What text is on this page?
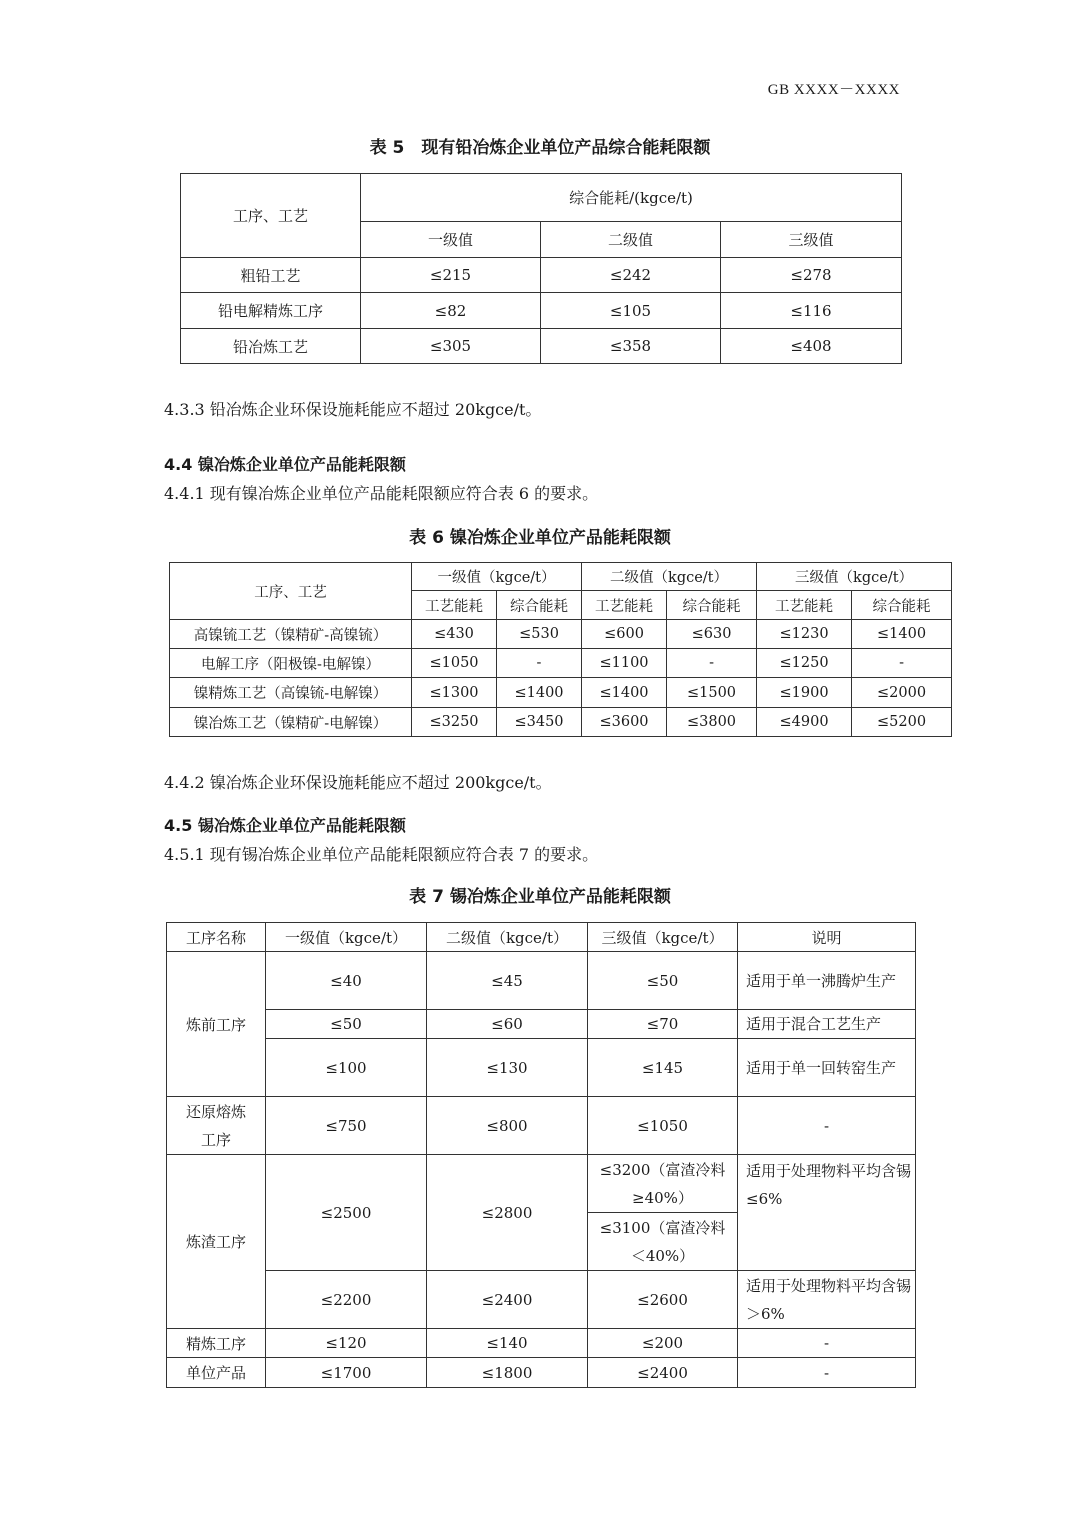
GB XXXX－XXXX
表 5　现有铅冶炼企业单位产品综合能耗限额
工序、工艺	综合能耗/(kgce/t)		
	一级值	二级值	三级值
粗铅工艺	≤215	≤242	≤278
铅电解精炼工序	≤82	≤105	≤116
铅冶炼工艺	≤305	≤358	≤408
4.3.3 铅冶炼企业环保设施耗能应不超过 20kgce/t。
4.4 镍冶炼企业单位产品能耗限额
4.4.1 现有镍冶炼企业单位产品能耗限额应符合表 6 的要求。
表 6 镍冶炼企业单位产品能耗限额
工序、工艺	一级值（kgce/t）		二级值（kgce/t）		三级值（kgce/t）	
	工艺能耗	综合能耗	工艺能耗	综合能耗	工艺能耗	综合能耗
高镍锍工艺（镍精矿-高镍锍）	≤430	≤530	≤600	≤630	≤1230	≤1400
电解工序（阳极镍-电解镍）	≤1050	-	≤1100	-	≤1250	-
镍精炼工艺（高镍锍-电解镍）	≤1300	≤1400	≤1400	≤1500	≤1900	≤2000
镍冶炼工艺（镍精矿-电解镍）	≤3250	≤3450	≤3600	≤3800	≤4900	≤5200
4.4.2 镍冶炼企业环保设施耗能应不超过 200kgce/t。
4.5 锡冶炼企业单位产品能耗限额
4.5.1 现有锡冶炼企业单位产品能耗限额应符合表 7 的要求。
表 7 锡冶炼企业单位产品能耗限额
工序名称	一级值（kgce/t）	二级值（kgce/t）	三级值（kgce/t）	说明
炼前工序	≤40	≤45	≤50	适用于单一沸腾炉生产
	≤50	≤60	≤70	适用于混合工艺生产
	≤100	≤130	≤145	适用于单一回转窑生产
还原熔炼工序	≤750	≤800	≤1050	-
炼渣工序	≤2500	≤2800	≤3200（富渣冷料≥40%）	适用于处理物料平均含锡≤6%
			≤3100（富渣冷料＜40%）	
	≤2200	≤2400	≤2600	适用于处理物料平均含锡＞6%
精炼工序	≤120	≤140	≤200	-
单位产品	≤1700	≤1800	≤2400	-
